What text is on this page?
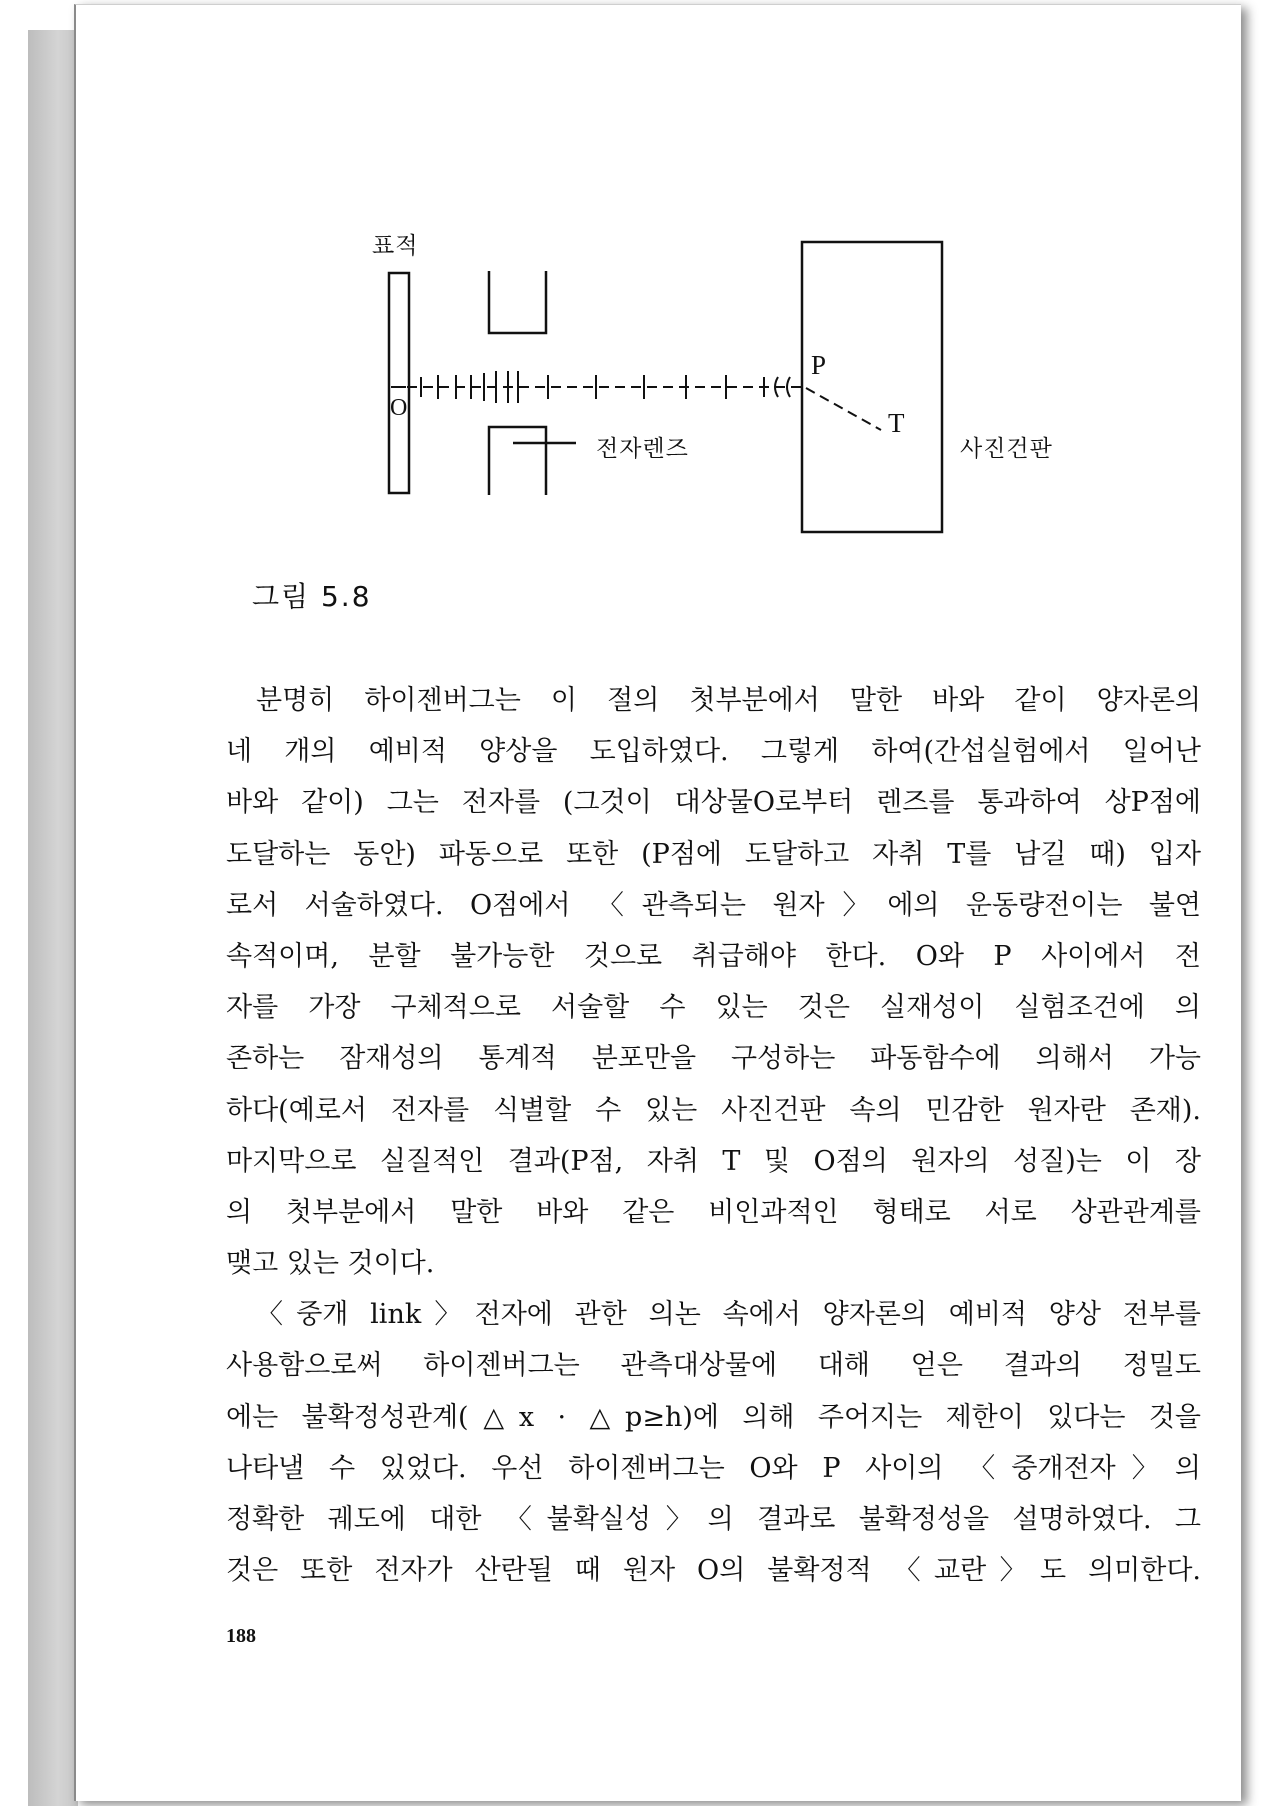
표적
O
전자렌즈
P
T
사진건판
그림 5.8
분명히 하이젠버그는 이 절의 첫부분에서 말한 바와 같이 양자론의
네 개의 예비적 양상을 도입하였다. 그렇게 하여(간섭실험에서 일어난
바와 같이) 그는 전자를 (그것이 대상물O로부터 렌즈를 통과하여 상P점에
도달하는 동안) 파동으로 또한 (P점에 도달하고 자취 T를 남길 때) 입자
로서 서술하였다. O점에서 〈관측되는 원자〉에의 운동량전이는 불연
속적이며, 분할 불가능한 것으로 취급해야 한다. O와 P 사이에서 전
자를 가장 구체적으로 서술할 수 있는 것은 실재성이 실험조건에 의
존하는 잠재성의 통계적 분포만을 구성하는 파동함수에 의해서 가능
하다(예로서 전자를 식별할 수 있는 사진건판 속의 민감한 원자란 존재).
마지막으로 실질적인 결과(P점, 자취 T 및 O점의 원자의 성질)는 이 장
의 첫부분에서 말한 바와 같은 비인과적인 형태로 서로 상관관계를
맺고 있는 것이다.
〈중개 link〉전자에 관한 의논 속에서 양자론의 예비적 양상 전부를
사용함으로써 하이젠버그는 관측대상물에 대해 얻은 결과의 정밀도
에는 불확정성관계(△x · △p≥h)에 의해 주어지는 제한이 있다는 것을
나타낼 수 있었다. 우선 하이젠버그는 O와 P 사이의 〈중개전자〉의
정확한 궤도에 대한 〈불확실성〉의 결과로 불확정성을 설명하였다. 그
것은 또한 전자가 산란될 때 원자 O의 불확정적 〈교란〉도 의미한다.
188
